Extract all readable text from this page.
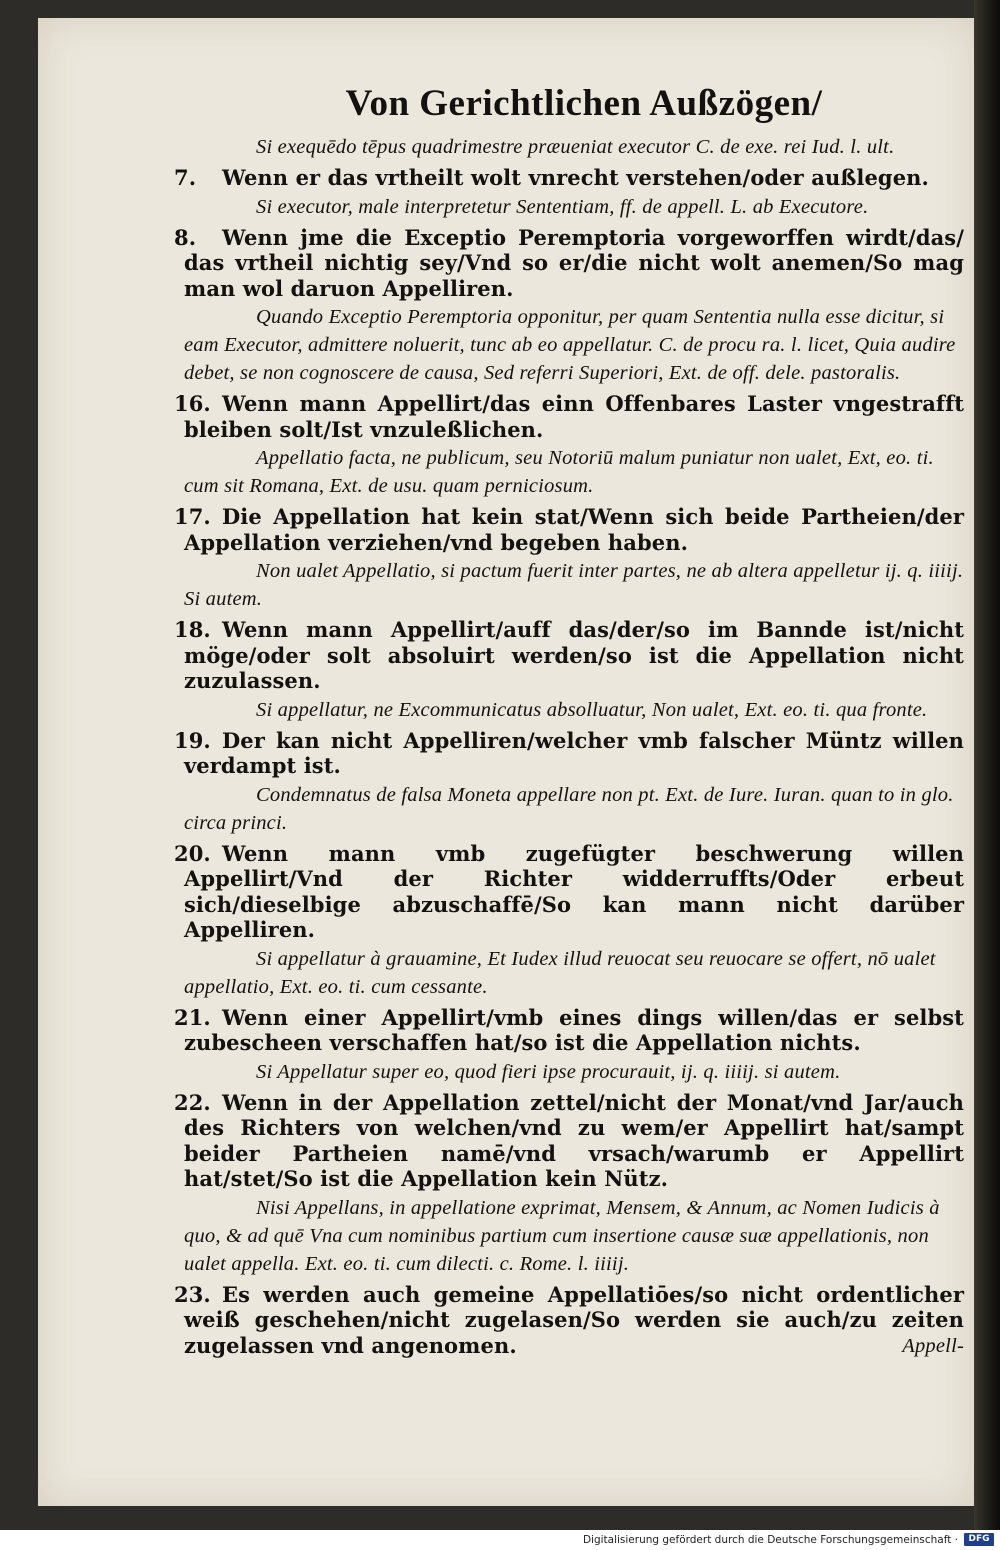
Von Gerichtlichen Außzögen/

Si exequēdo tēpus quadrimestre præueniat executor C. de exe. rei Iud. l. ult.

7. Wenn er das vrtheilt wolt vnrecht verstehen/oder außlegen.

Si executor, male interpretetur Sententiam, ff. de appell. L. ab Executore.

8. Wenn jme die Exceptio Peremptoria vorgeworffen wirdt/das/ das vrtheil nichtig sey/Vnd so er/die nicht wolt anemen/So mag man wol daruon Appelliren.

Quando Exceptio Peremptoria opponitur, per quam Sententia nulla esse dicitur, si eam Executor, admittere noluerit, tunc ab eo appellatur. C. de procu ra. l. licet, Quia audire debet, se non cognoscere de causa, Sed referri Superiori, Ext. de off. dele. pastoralis.

16. Wenn mann Appellirt/das einn Offenbares Laster vngestrafft bleiben solt/Ist vnzuleßlichen.

Appellatio facta, ne publicum, seu Notoriū malum puniatur non ualet, Ext, eo. ti. cum sit Romana, Ext. de usu. quam perniciosum.

17. Die Appellation hat kein stat/Wenn sich beide Partheien/der Appellation verziehen/vnd begeben haben.

Non ualet Appellatio, si pactum fuerit inter partes, ne ab altera appelletur ij. q. iiiij. Si autem.

18. Wenn mann Appellirt/auff das/der/so im Bannde ist/nicht möge/oder solt absoluirt werden/so ist die Appellation nicht zuzulassen.

Si appellatur, ne Excommunicatus absolluatur, Non ualet, Ext. eo. ti. qua fronte.

19. Der kan nicht Appelliren/welcher vmb falscher Müntz willen verdampt ist.

Condemnatus de falsa Moneta appellare non pt. Ext. de Iure. Iuran. quan to in glo. circa princi.

20. Wenn mann vmb zugefügter beschwerung willen Appellirt/Vnd der Richter widderruffts/Oder erbeut sich/dieselbige abzuschaffē/So kan mann nicht darüber Appelliren.

Si appellatur à grauamine, Et Iudex illud reuocat seu reuocare se offert, nō ualet appellatio, Ext. eo. ti. cum cessante.

21. Wenn einer Appellirt/vmb eines dings willen/das er selbst zubescheen verschaffen hat/so ist die Appellation nichts.

Si Appellatur super eo, quod fieri ipse procurauit, ij. q. iiiij. si autem.

22. Wenn in der Appellation zettel/nicht der Monat/vnd Jar/auch des Richters von welchen/vnd zu wem/er Appellirt hat/sampt beider Partheien namē/vnd vrsach/warumb er Appellirt hat/stet/So ist die Appellation kein Nütz.

Nisi Appellans, in appellatione exprimat, Mensem, & Annum, ac Nomen Iudicis à quo, & ad quē Vna cum nominibus partium cum insertione causæ suæ appellationis, non ualet appella. Ext. eo. ti. cum dilecti. c. Rome. l. iiiij.

23. Es werden auch gemeine Appellatiōes/so nicht ordentlicher weiß geschehen/nicht zugelasen/So werden sie auch/zu zeiten zugelassen vnd angenomen.	Appell-

Digitalisierung gefördert durch die Deutsche Forschungsgemeinschaft ·	DFG
